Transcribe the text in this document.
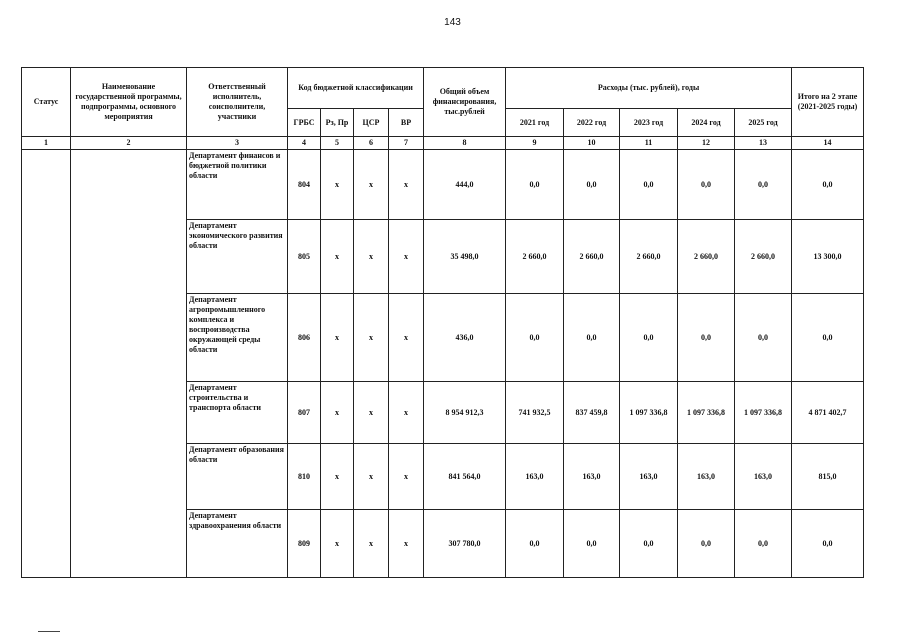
143
Статус	Наименование государственной программы, подпрограммы, основного мероприятия	Ответственный исполнитель, соисполнители, участники	Код бюджетной классификации				Общий объем финансирования, тыс.рублей	Расходы (тыс. рублей), годы					Итого на 2 этапе (2021-2025 годы)
			ГРБС	Рз, Пр	ЦСР	ВР		2021 год	2022 год	2023 год	2024 год	2025 год	
1	2	3	4	5	6	7	8	9	10	11	12	13	14
		Департамент финансов и бюджетной политики области	804	х	х	х	444,0	0,0	0,0	0,0	0,0	0,0	0,0
		Департамент экономического развития области	805	х	х	х	35 498,0	2 660,0	2 660,0	2 660,0	2 660,0	2 660,0	13 300,0
		Департамент агропромышленного комплекса и воспроизводства окружающей среды области	806	х	х	х	436,0	0,0	0,0	0,0	0,0	0,0	0,0
		Департамент строительства и транспорта области	807	х	х	х	8 954 912,3	741 932,5	837 459,8	1 097 336,8	1 097 336,8	1 097 336,8	4 871 402,7
		Департамент образования области	810	х	х	х	841 564,0	163,0	163,0	163,0	163,0	163,0	815,0
		Департамент здравоохранения области	809	х	х	х	307 780,0	0,0	0,0	0,0	0,0	0,0	0,0
